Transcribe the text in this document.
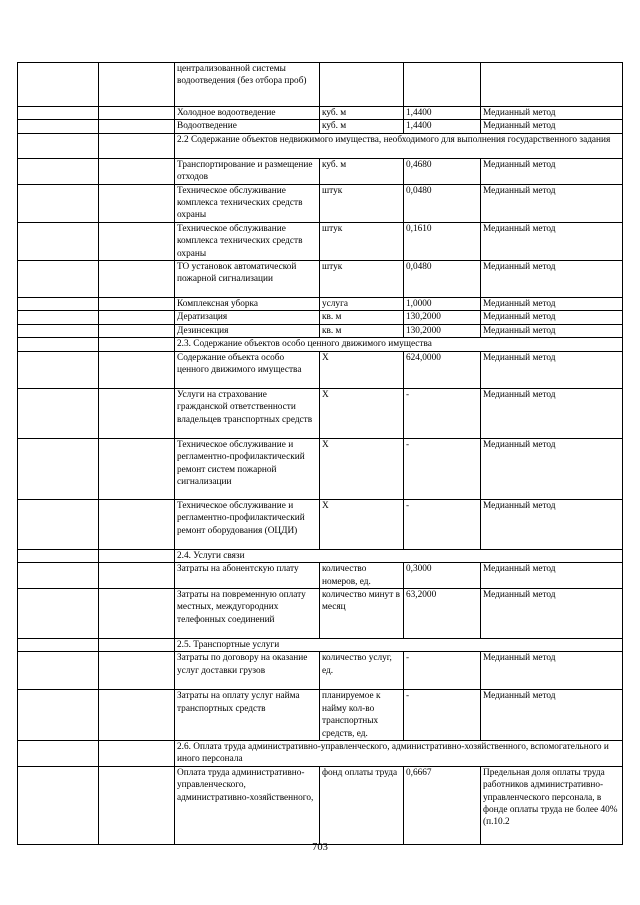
		централизованной системы водоотведения (без отбора проб)			
		Холодное водоотведение	куб. м	1,4400	Медианный метод
		Водоотведение	куб. м	1,4400	Медианный метод
		2.2 Содержание объектов недвижимого имущества, необходимого для выполнения государственного задания			
		Транспортирование и размещение отходов	куб. м	0,4680	Медианный метод
		Техническое обслуживание комплекса технических средств охраны	штук	0,0480	Медианный метод
		Техническое обслуживание комплекса технических средств охраны	штук	0,1610	Медианный метод
		ТО установок автоматической пожарной сигнализации	штук	0,0480	Медианный метод
		Комплексная уборка	услуга	1,0000	Медианный метод
		Дератизация	кв. м	130,2000	Медианный метод
		Дезинсекция	кв. м	130,2000	Медианный метод
		2.3. Содержание объектов особо ценного движимого имущества			
		Содержание объекта особо ценного движимого имущества	Х	624,0000	Медианный метод
		Услуги на страхование гражданской ответственности владельцев транспортных средств	Х	-	Медианный метод
		Техническое обслуживание и регламентно-профилактический ремонт систем пожарной сигнализации	Х	-	Медианный метод
		Техническое обслуживание и регламентно-профилактический ремонт оборудования (ОЦДИ)	Х	-	Медианный метод
		2.4. Услуги связи			
		Затраты на абонентскую плату	количество номеров, ед.	0,3000	Медианный метод
		Затраты на повременную оплату местных, междугородних телефонных соединений	количество минут в месяц	63,2000	Медианный метод
		2.5. Транспортные услуги			
		Затраты по договору на оказание услуг доставки грузов	количество услуг, ед.	-	Медианный метод
		Затраты на оплату услуг найма транспортных средств	планируемое к найму кол-во транспортных средств, ед.	-	Медианный метод
		2.6. Оплата труда административно-управленческого, административно-хозяйственного, вспомогательного и иного персонала			
		Оплата труда административно-управленческого, административно-хозяйственного,	фонд оплаты труда	0,6667	Предельная доля оплаты труда работников административно-управленческого персонала, в фонде оплаты труда не более 40% (п.10.2
703
